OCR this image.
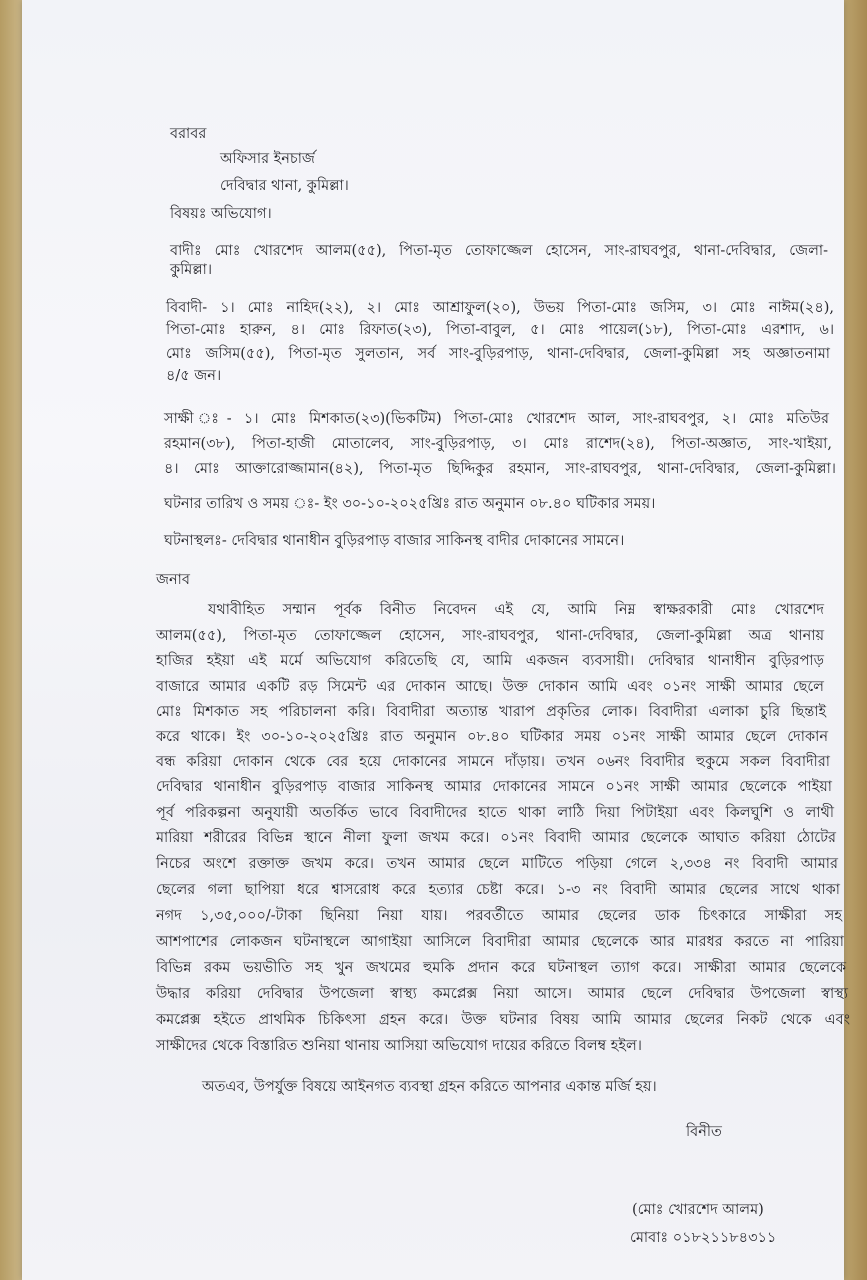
বরাবর
অফিসার ইনচার্জ
দেবিদ্বার থানা, কুমিল্লা।
বিষয়ঃ অভিযোগ।
বাদীঃ মোঃ খোরশেদ আলম(৫৫), পিতা-মৃত তোফাজ্জেল হোসেন, সাং-রাঘবপুর, থানা-দেবিদ্বার, জেলা-
কুমিল্লা।
বিবাদী- ১। মোঃ নাহিদ(২২), ২। মোঃ আশ্রাফুল(২০), উভয় পিতা-মোঃ জসিম, ৩। মোঃ নাঈম(২৪),
পিতা-মোঃ হারুন, ৪। মোঃ রিফাত(২৩), পিতা-বাবুল, ৫। মোঃ পায়েল(১৮), পিতা-মোঃ এরশাদ, ৬।
মোঃ জসিম(৫৫), পিতা-মৃত সুলতান, সর্ব সাং-বুড়িরপাড়, থানা-দেবিদ্বার, জেলা-কুমিল্লা সহ অজ্ঞাতনামা
৪/৫ জন।
সাক্ষী ঃ- ১। মোঃ মিশকাত(২৩)(ভিকটিম) পিতা-মোঃ খোরশেদ আল, সাং-রাঘবপুর, ২। মোঃ মতিউর
রহমান(৩৮), পিতা-হাজী মোতালেব, সাং-বুড়িরপাড়, ৩। মোঃ রাশেদ(২৪), পিতা-অজ্ঞাত, সাং-খাইয়া,
৪। মোঃ আক্তারোজ্জামান(৪২), পিতা-মৃত ছিদ্দিকুর রহমান, সাং-রাঘবপুর, থানা-দেবিদ্বার, জেলা-কুমিল্লা।
ঘটনার তারিখ ও সময় ঃ- ইং ৩০-১০-২০২৫খ্রিঃ রাত অনুমান ০৮.৪০ ঘটিকার সময়।
ঘটনাস্থলঃ- দেবিদ্বার থানাধীন বুড়িরপাড় বাজার সাকিনস্থ বাদীর দোকানের সামনে।
জনাব
যথাবীহিত সম্মান পূর্বক বিনীত নিবেদন এই যে, আমি নিম্ন স্বাক্ষরকারী মোঃ খোরশেদ
আলম(৫৫), পিতা-মৃত তোফাজ্জেল হোসেন, সাং-রাঘবপুর, থানা-দেবিদ্বার, জেলা-কুমিল্লা অত্র থানায়
হাজির হইয়া এই মর্মে অভিযোগ করিতেছি যে, আমি একজন ব্যবসায়ী। দেবিদ্বার থানাধীন বুড়িরপাড়
বাজারে আমার একটি রড় সিমেন্ট এর দোকান আছে। উক্ত দোকান আমি এবং ০১নং সাক্ষী আমার ছেলে
মোঃ মিশকাত সহ পরিচালনা করি। বিবাদীরা অত্যান্ত খারাপ প্রকৃতির লোক। বিবাদীরা এলাকা চুরি ছিন্তাই
করে থাকে। ইং ৩০-১০-২০২৫খ্রিঃ রাত অনুমান ০৮.৪০ ঘটিকার সময় ০১নং সাক্ষী আমার ছেলে দোকান
বন্ধ করিয়া দোকান থেকে বের হয়ে দোকানের সামনে দাঁড়ায়। তখন ০৬নং বিবাদীর হুকুমে সকল বিবাদীরা
দেবিদ্বার থানাধীন বুড়িরপাড় বাজার সাকিনস্থ আমার দোকানের সামনে ০১নং সাক্ষী আমার ছেলেকে পাইয়া
পূর্ব পরিকল্পনা অনুযায়ী অতর্কিত ভাবে বিবাদীদের হাতে থাকা লাঠি দিয়া পিটাইয়া এবং কিলঘুশি ও লাথী
মারিয়া শরীরের বিভিন্ন স্থানে নীলা ফুলা জখম করে। ০১নং বিবাদী আমার ছেলেকে আঘাত করিয়া ঠোটের
নিচের অংশে রক্তাক্ত জখম করে। তখন আমার ছেলে মাটিতে পড়িয়া গেলে ২,৩৩৪ নং বিবাদী আমার
ছেলের গলা ছাপিয়া ধরে শ্বাসরোধ করে হত্যার চেষ্টা করে। ১-৩ নং বিবাদী আমার ছেলের সাথে থাকা
নগদ ১,৩৫,০০০/-টাকা ছিনিয়া নিয়া যায়। পরবর্তীতে আমার ছেলের ডাক চিৎকারে সাক্ষীরা সহ
আশপাশের লোকজন ঘটনাস্থলে আগাইয়া আসিলে বিবাদীরা আমার ছেলেকে আর মারধর করতে না পারিয়া
বিভিন্ন রকম ভয়ভীতি সহ খুন জখমের হুমকি প্রদান করে ঘটনাস্থল ত্যাগ করে। সাক্ষীরা আমার ছেলেকে
উদ্ধার করিয়া দেবিদ্বার উপজেলা স্বাস্থ্য কমপ্লেক্স নিয়া আসে। আমার ছেলে দেবিদ্বার উপজেলা স্বাস্থ্য
কমপ্লেক্স হইতে প্রাথমিক চিকিৎসা গ্রহন করে। উক্ত ঘটনার বিষয় আমি আমার ছেলের নিকট থেকে এবং
সাক্ষীদের থেকে বিস্তারিত শুনিয়া থানায় আসিয়া অভিযোগ দায়ের করিতে বিলম্ব হইল।
অতএব, উপর্যুক্ত বিষয়ে আইনগত ব্যবস্থা গ্রহন করিতে আপনার একান্ত মর্জি হয়।
বিনীত
(মোঃ খোরশেদ আলম)
মোবাঃ ০১৮২১১৮৪৩১১
